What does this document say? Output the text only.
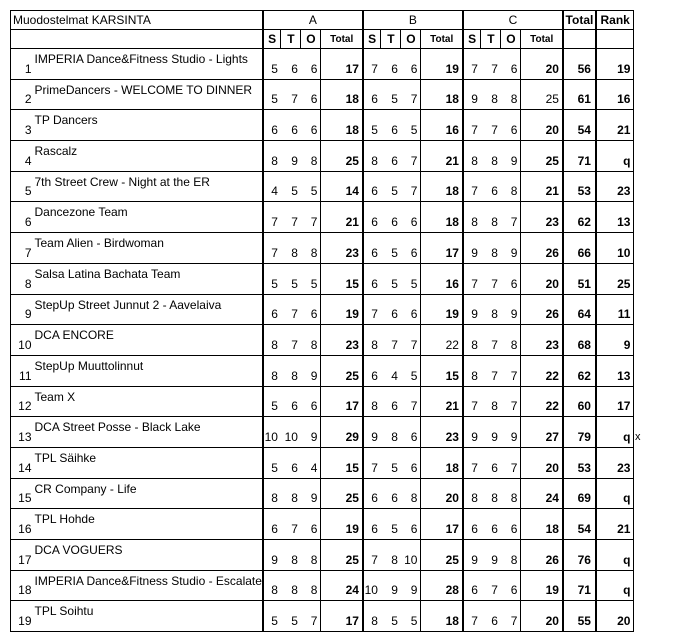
Muodostelmat KARSINTA		A				B				C				Total	Rank
		S	T	O	Total	S	T	O	Total	S	T	O	Total		
1	IMPERIA Dance&Fitness Studio - Lights	5	6	6	17	7	6	6	19	7	7	6	20	56	19
2	PrimeDancers - WELCOME TO DINNER	5	7	6	18	6	5	7	18	9	8	8	25	61	16
3	TP Dancers	6	6	6	18	5	6	5	16	7	7	6	20	54	21
4	Rascalz	8	9	8	25	8	6	7	21	8	8	9	25	71	q
5	7th Street Crew - Night at the ER	4	5	5	14	6	5	7	18	7	6	8	21	53	23
6	Dancezone Team	7	7	7	21	6	6	6	18	8	8	7	23	62	13
7	Team Alien - Birdwoman	7	8	8	23	6	5	6	17	9	8	9	26	66	10
8	Salsa Latina Bachata Team	5	5	5	15	6	5	5	16	7	7	6	20	51	25
9	StepUp Street Junnut 2 - Aavelaiva	6	7	6	19	7	6	6	19	9	8	9	26	64	11
10	DCA ENCORE	8	7	8	23	8	7	7	22	8	7	8	23	68	9
11	StepUp Muuttolinnut	8	8	9	25	6	4	5	15	8	7	7	22	62	13
12	Team X	5	6	6	17	8	6	7	21	7	8	7	22	60	17
13	DCA Street Posse - Black Lake	10	10	9	29	9	8	6	23	9	9	9	27	79	q
14	TPL Säihke	5	6	4	15	7	5	6	18	7	6	7	20	53	23
15	CR Company - Life	8	8	9	25	6	6	8	20	8	8	8	24	69	q
16	TPL Hohde	6	7	6	19	6	5	6	17	6	6	6	18	54	21
17	DCA VOGUERS	9	8	8	25	7	8	10	25	9	9	8	26	76	q
18	IMPERIA Dance&Fitness Studio - Escalate	8	8	8	24	10	9	9	28	6	7	6	19	71	q
19	TPL Soihtu	5	5	7	17	8	5	5	18	7	6	7	20	55	20
x
